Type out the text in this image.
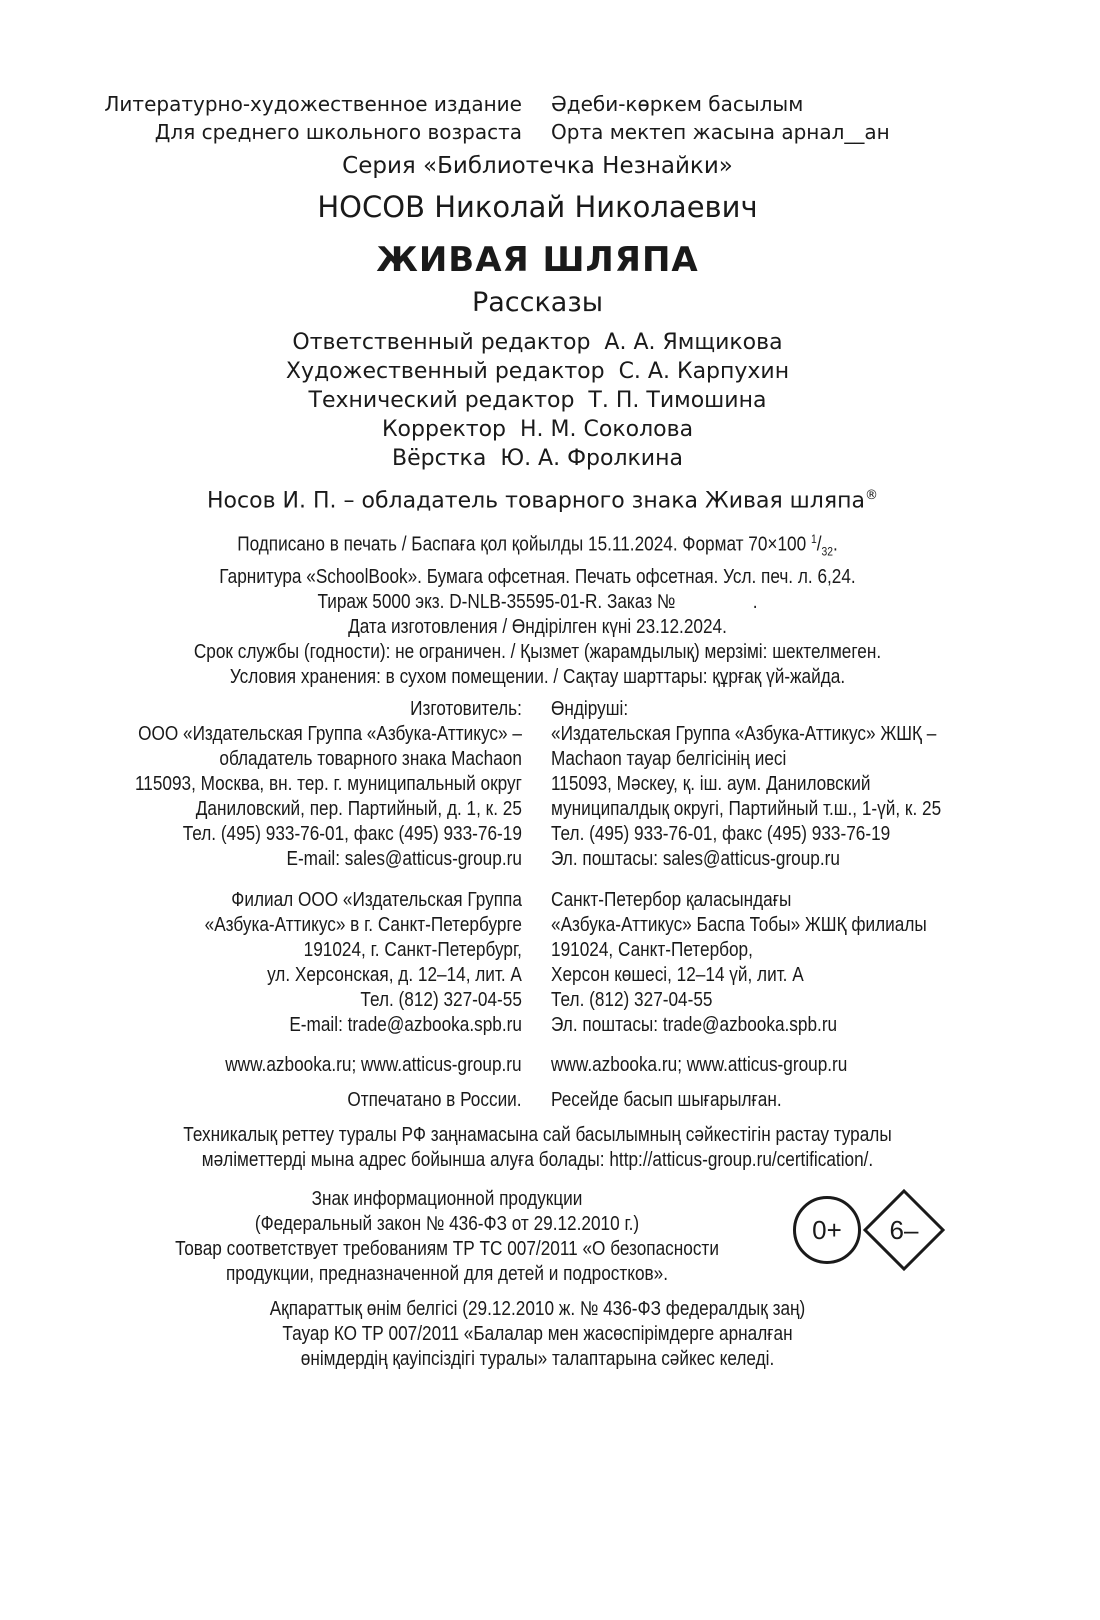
Литературно-художественное издание
Для среднего школьного возраста
Әдеби-көркем басылым
Орта мектеп жасына арнал__ан
Серия «Библиотечка Незнайки»
НОСОВ Николай Николаевич
ЖИВАЯ ШЛЯПА
Рассказы
Ответственный редактор А. А. Ямщикова
Художественный редактор С. А. Карпухин
Технический редактор Т. П. Тимошина
Корректор Н. М. Соколова
Вёрстка Ю. А. Фролкина
Носов И. П. – обладатель товарного знака Живая шляпа®
Подписано в печать / Баспаға қол қойылды 15.11.2024. Формат 70×100 $^1/_{32}$.
Гарнитура «SchoolBook». Бумага офсетная. Печать офсетная. Усл. печ. л. 6,24.
Тираж 5000 экз. D-NLB-35595-01-R. Заказ №	.
Дата изготовления / Өндірілген күні 23.12.2024.
Срок службы (годности): не ограничен. / Қызмет (жарамдылық) мерзімі: шектелмеген.
Условия хранения: в сухом помещении. / Сақтау шарттары: құрғақ үй-жайда.
Изготовитель:
ООО «Издательская Группа «Азбука-Аттикус» –
обладатель товарного знака Machaon
115093, Москва, вн. тер. г. муниципальный округ
Даниловский, пер. Партийный, д. 1, к. 25
Тел. (495) 933-76-01, факс (495) 933-76-19
E-mail: sales@atticus-group.ru
Өндіруші:
«Издательская Группа «Азбука-Аттикус» ЖШҚ –
Machaon тауар белгісінің иесі
115093, Мәскеу, қ. іш. аум. Даниловский
муниципалдық округі, Партийный т.ш., 1-үй, к. 25
Тел. (495) 933-76-01, факс (495) 933-76-19
Эл. поштасы: sales@atticus-group.ru
Филиал ООО «Издательская Группа
«Азбука-Аттикус» в г. Санкт-Петербурге
191024, г. Санкт-Петербург,
ул. Херсонская, д. 12–14, лит. А
Тел. (812) 327-04-55
E-mail: trade@azbooka.spb.ru
Санкт-Петербор қаласындағы
«Азбука-Аттикус» Баспа Тобы» ЖШҚ филиалы
191024, Санкт-Петербор,
Херсон көшесі, 12–14 үй, лит. А
Тел. (812) 327-04-55
Эл. поштасы: trade@azbooka.spb.ru
www.azbooka.ru; www.atticus-group.ru www.azbooka.ru; www.atticus-group.ru
Отпечатано в России. Ресейде басып шығарылған.
Техникалық реттеу туралы РФ заңнамасына сай басылымның сәйкестігін растау туралы
мәліметтерді мына адрес бойынша алуға болады: http://atticus-group.ru/certification/.
Знак информационной продукции
(Федеральный закон № 436-ФЗ от 29.12.2010 г.)
Товар соответствует требованиям ТР ТС 007/2011 «О безопасности
продукции, предназначенной для детей и подростков».
0+ 6–
Ақпараттық өнім белгісі (29.12.2010 ж. № 436-ФЗ федералдық заң)
Тауар КО ТР 007/2011 «Балалар мен жасөспірімдерге арналған
өнімдердің қауіпсіздігі туралы» талаптарына сәйкес келеді.
